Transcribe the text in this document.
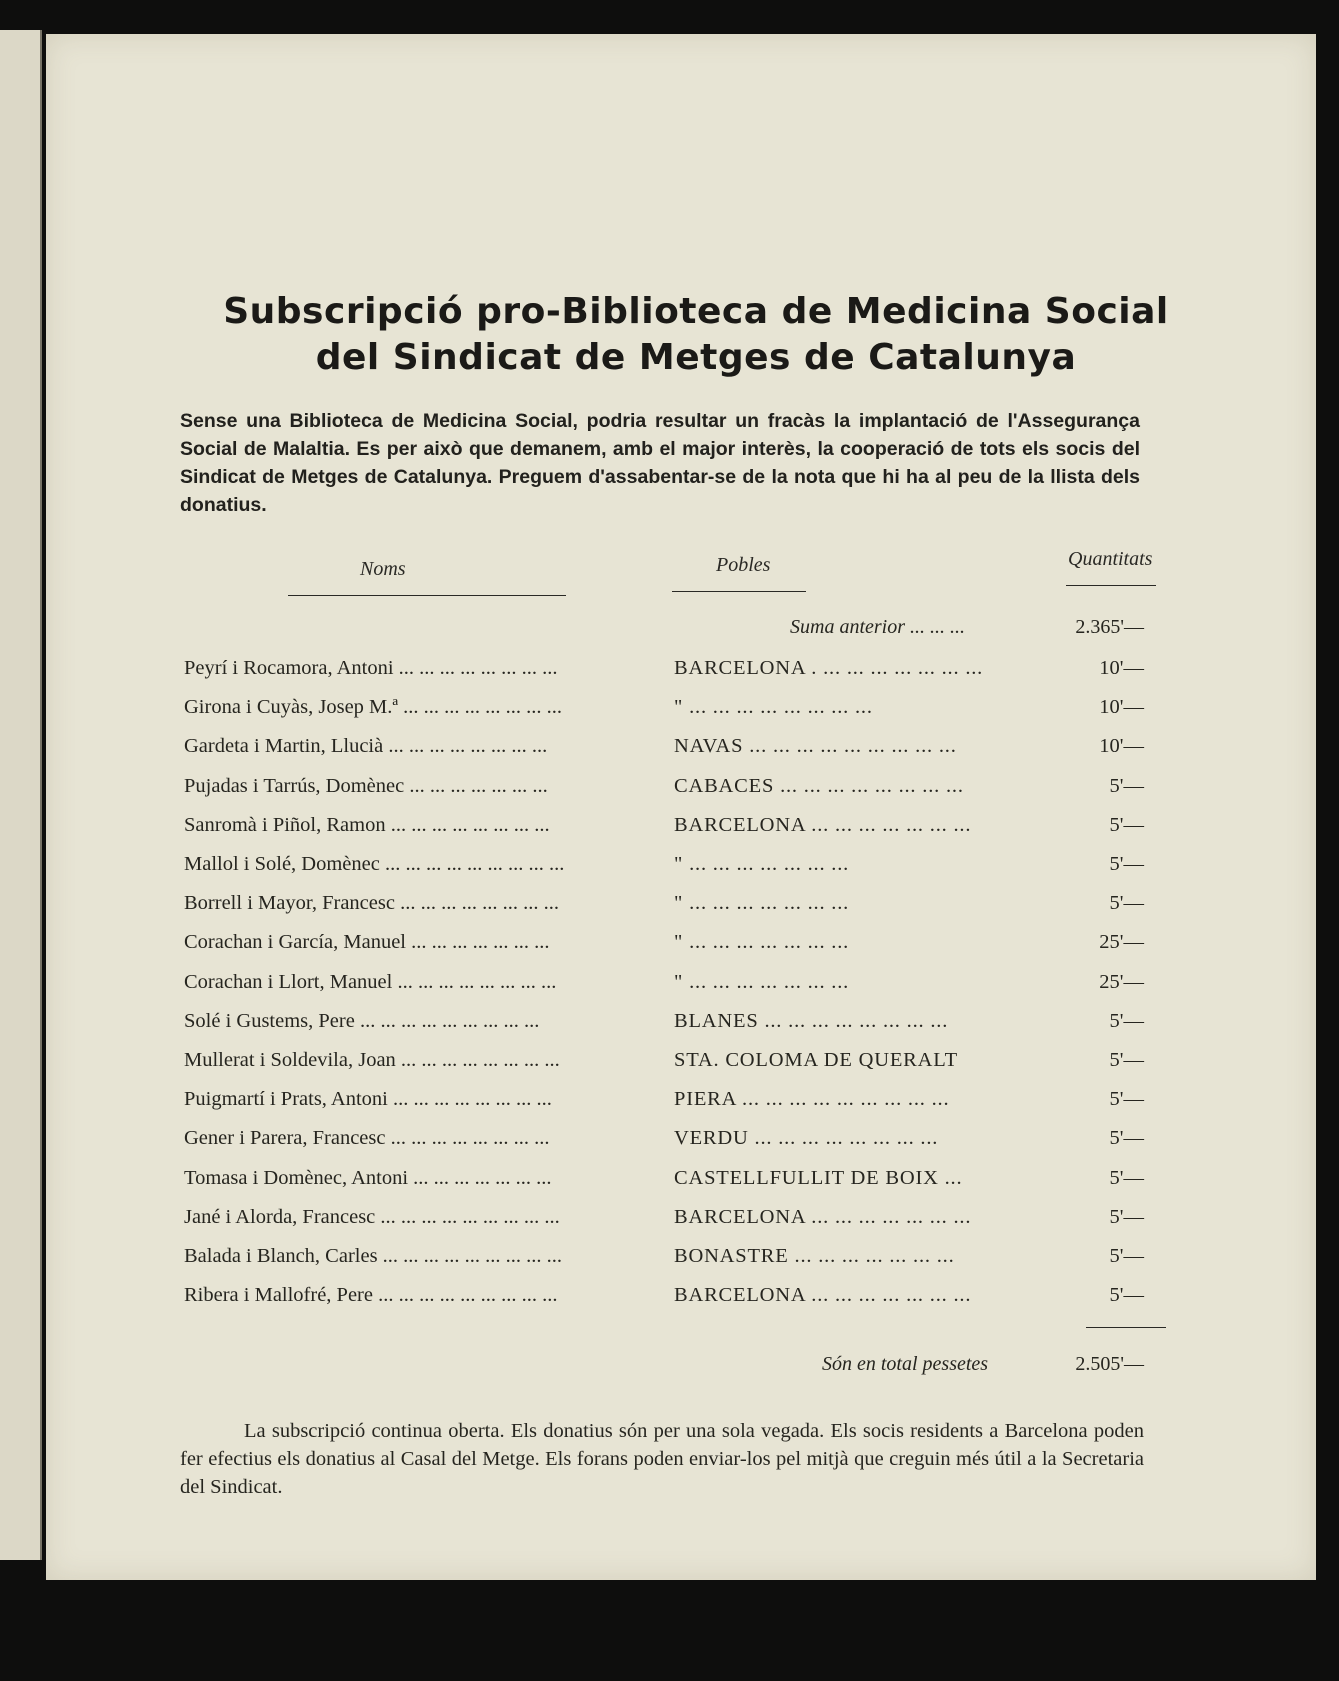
Subscripció pro-Biblioteca de Medicina Social
del Sindicat de Metges de Catalunya
Sense una Biblioteca de Medicina Social, podria resultar un fracàs la implantació de l'Assegurança Social de Malaltia. Es per això que demanem, amb el major interès, la cooperació de tots els socis del Sindicat de Metges de Catalunya. Preguem d'assabentar-se de la nota que hi ha al peu de la llista dels donatius.
Noms	Pobles	Quantitats
Suma anterior ... ... ...	2.365'—
Peyrí i Rocamora, Antoni ... ... ... ... ... ... ... ...	BARCELONA . ... ... ... ... ... ... ...	10'—
Girona i Cuyàs, Josep M.ª ... ... ... ... ... ... ... ...	" ... ... ... ... ... ... ... ...	10'—
Gardeta i Martin, Llucià ... ... ... ... ... ... ... ...	NAVAS ... ... ... ... ... ... ... ... ...	10'—
Pujadas i Tarrús, Domènec ... ... ... ... ... ... ...	CABACES ... ... ... ... ... ... ... ...	5'—
Sanromà i Piñol, Ramon ... ... ... ... ... ... ... ...	BARCELONA ... ... ... ... ... ... ...	5'—
Mallol i Solé, Domènec ... ... ... ... ... ... ... ... ...	" ... ... ... ... ... ... ...	5'—
Borrell i Mayor, Francesc ... ... ... ... ... ... ... ...	" ... ... ... ... ... ... ...	5'—
Corachan i García, Manuel ... ... ... ... ... ... ...	" ... ... ... ... ... ... ...	25'—
Corachan i Llort, Manuel ... ... ... ... ... ... ... ...	" ... ... ... ... ... ... ...	25'—
Solé i Gustems, Pere ... ... ... ... ... ... ... ... ...	BLANES ... ... ... ... ... ... ... ...	5'—
Mullerat i Soldevila, Joan ... ... ... ... ... ... ... ...	STA. COLOMA DE QUERALT	5'—
Puigmartí i Prats, Antoni ... ... ... ... ... ... ... ...	PIERA ... ... ... ... ... ... ... ... ...	5'—
Gener i Parera, Francesc ... ... ... ... ... ... ... ...	VERDU ... ... ... ... ... ... ... ...	5'—
Tomasa i Domènec, Antoni ... ... ... ... ... ... ...	CASTELLFULLIT DE BOIX ...	5'—
Jané i Alorda, Francesc ... ... ... ... ... ... ... ... ...	BARCELONA ... ... ... ... ... ... ...	5'—
Balada i Blanch, Carles ... ... ... ... ... ... ... ... ...	BONASTRE ... ... ... ... ... ... ...	5'—
Ribera i Mallofré, Pere ... ... ... ... ... ... ... ... ...	BARCELONA ... ... ... ... ... ... ...	5'—
Són en total pessetes	2.505'—
La subscripció continua oberta. Els donatius són per una sola vegada. Els socis residents a Barcelona poden fer efectius els donatius al Casal del Metge. Els forans poden enviar-los pel mitjà que creguin més útil a la Secretaria del Sindicat.
